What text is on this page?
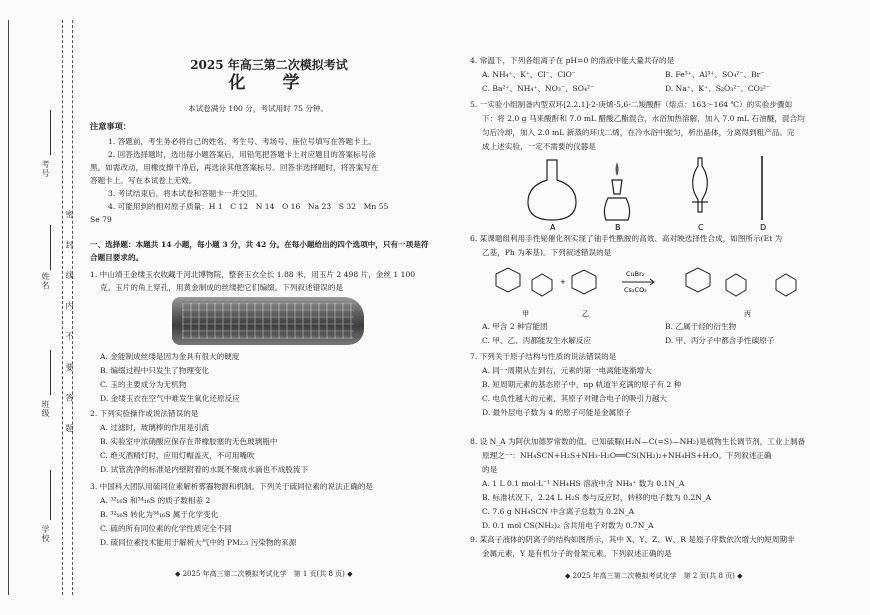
考号
姓名
班级
学校
密 封 线 内 不 要 答 题
2025 年高三第二次模拟考试
化　学
本试卷满分 100 分，考试用时 75 分钟。
注意事项：
1. 答题前，考生务必将自己的姓名、考生号、考场号、座位号填写在答题卡上。
2. 回答选择题时，选出每小题答案后，用铅笔把答题卡上对应题目的答案标号涂
黑。如需改动，用橡皮擦干净后，再选涂其他答案标号。回答非选择题时，将答案写在
答题卡上。写在本试卷上无效。
3. 考试结束后，将本试卷和答题卡一并交回。
4. 可能用到的相对原子质量：H 1　C 12　N 14　O 16　Na 23　S 32　Mn 55
Se 79
一、选择题：本题共 14 小题，每小题 3 分，共 42 分。在每小题给出的四个选项中，只有一项是符
合题目要求的。
1. 中山靖王金缕玉衣收藏于河北博物院，整套玉衣全长 1.88 米，用玉片 2 498 片，金丝 1 100
克。玉片的角上穿孔，用黄金制成的丝缕把它们编缀。下列叙述错误的是
A. 金能制成丝缕是因为金具有很大的硬度
B. 编缀过程中只发生了物理变化
C. 玉的主要成分为无机物
D. 金缕玉衣在空气中难发生氧化还原反应
2. 下列实验操作或说法错误的是
A. 过滤时，玻璃棒的作用是引流
B. 实验室中浓硝酸应保存在带橡胶塞的无色玻璃瓶中
C. 绝灭酒精灯时，应用灯帽盖灭，不可用嘴吹
D. 试管洗净的标准是内壁附着的水既不聚成水滴也不成股流下
3. 中国科大团队用硫同位素解析雾霾物源和机制。下列关于硫同位素的说法正确的是
A. ³²₁₆S 和³⁴₁₆S 的质子数相差 2
B. ³²₁₆S 转化为³⁴₁₆S 属于化学变化
C. 硫的所有同位素的化学性质完全不同
D. 硫同位素技术能用于解析大气中的 PM₂.₅ 污染物的来源
◆ 2025 年高三第二次模拟考试化学　第 1 页(共 8 页) ◆
4. 常温下，下列各组离子在 pH=0 的溶液中能大量共存的是
A. NH₄⁺、K⁺、Cl⁻、ClO⁻	B. Fe³⁺、Al³⁺、SO₄²⁻、Br⁻
C. Ba²⁺、NH₄⁺、NO₃⁻、SO₄²⁻	D. Na⁺、K⁺、S₂O₃²⁻、CO₃²⁻
5. 一实验小组制备内型双环[2.2.1]-2-庚烯-5,6-二羧酸酐（熔点：163～164 ℃）的实验步骤如
下：将 2.0 g 马来酸酐和 7.0 mL 醋酸乙酯混合，水浴加热溶解，加入 7.0 mL 石油醚，混合均
匀后冷却，加入 2.0 mL 新蒸的环戊二烯，在冷水浴中振匀，析出晶体，分离得到粗产品。完
成上述实验，一定不需要的仪器是
A	B	C	D
6. 某课题组利用手性铋催化剂实现了铀手性酰胺的高效、高对映选择性合成，如图所示(Et 为
乙基，Ph 为苯基)。下列叙述错误的是
+
CuBr₂
Cs₂CO₃
甲	乙	丙
A. 甲含 2 种官能团	B. 乙属于烃的衍生物
C. 甲、乙、丙都能发生水解反应	D. 甲、丙分子中都含手性碳原子
7. 下列关于原子结构与性质的说法错误的是
A. 同一周期从左到右，元素的第一电离能逐渐增大
B. 短周期元素的基态原子中，np 轨道半充满的原子有 2 种
C. 电负性越大的元素，其原子对键合电子的吸引力越大
D. 最外层电子数为 4 的原子可能是金属原子
8. 设 N_A 为阿伏加德罗常数的值。已知硫脲(H₂N—C(=S)—NH₂)是植物生长调节剂，工业上制备
原理之一：NH₄SCN+H₂S+NH₃·H₂O══CS(NH₂)₂+NH₄HS+H₂O。下列叙述正确
的是
A. 1 L 0.1 mol·L⁻¹ NH₄HS 溶液中含 NH₄⁺ 数为 0.1N_A
B. 标准状况下，2.24 L H₂S 参与反应时，转移的电子数为 0.2N_A
C. 7.6 g NH₄SCN 中含离子总数为 0.2N_A
D. 0.1 mol CS(NH₂)₂ 含共用电子对数为 0.7N_A
9. 某高子液体的阴离子的结构如图所示，其中 X、Y、Z、W、R 是原子序数依次增大的短周期非
金属元素，Y 是有机分子的骨架元素。下列叙述正确的是
◆ 2025 年高三第二次模拟考试化学　第 2 页(共 8 页) ◆
